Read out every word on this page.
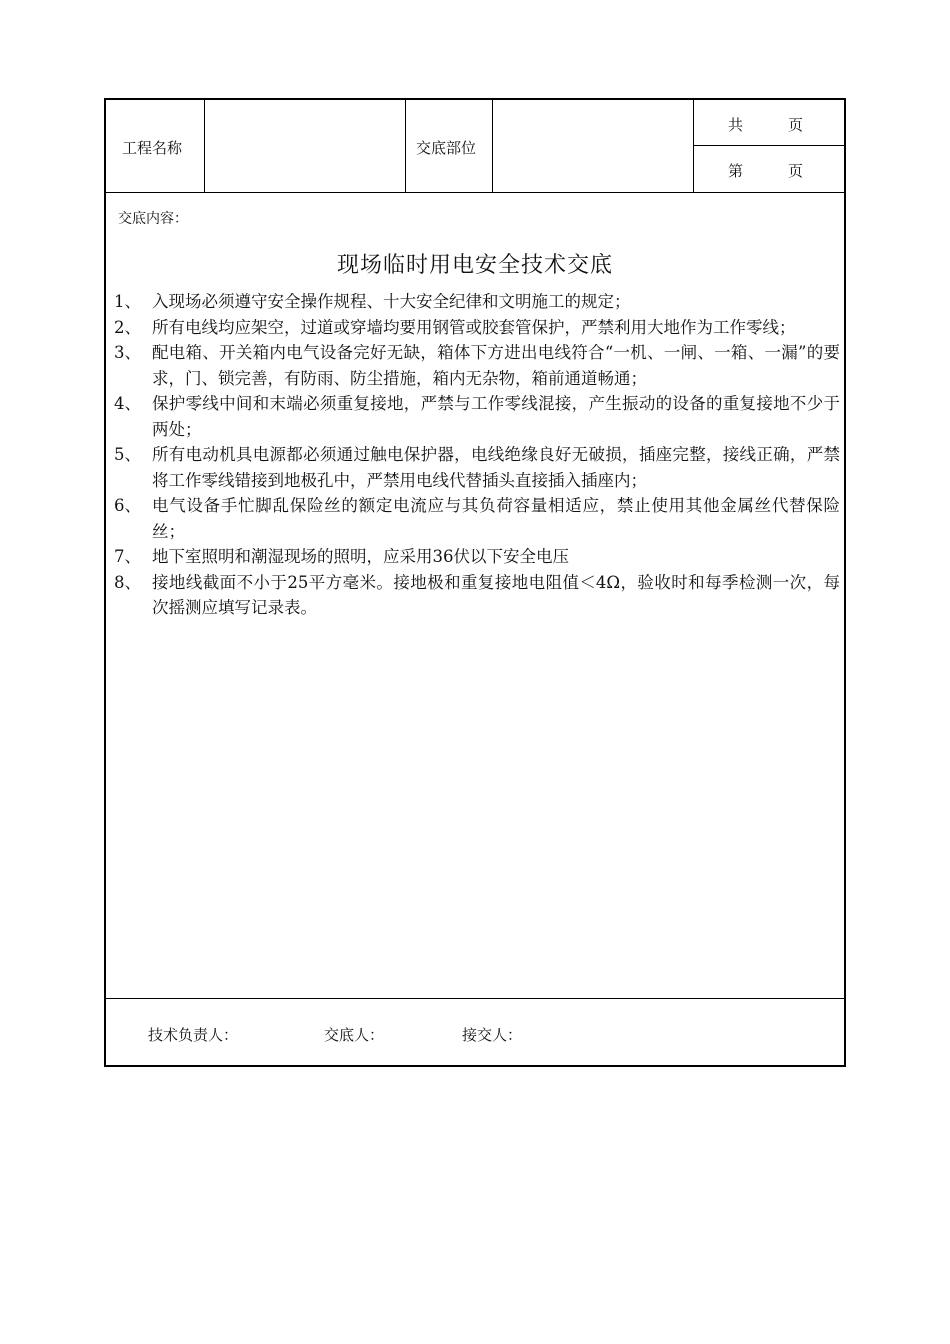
工程名称	交底部位
共　　　页
第　　　页
交底内容：
现场临时用电安全技术交底
1、 入现场必须遵守安全操作规程、十大安全纪律和文明施工的规定；
2、 所有电线均应架空，过道或穿墙均要用钢管或胶套管保护，严禁利用大地作为工作零线；
3、 配电箱、开关箱内电气设备完好无缺，箱体下方进出电线符合“一机、一闸、一箱、一漏”的要求，门、锁完善，有防雨、防尘措施，箱内无杂物，箱前通道畅通；
4、 保护零线中间和末端必须重复接地，严禁与工作零线混接，产生振动的设备的重复接地不少于两处；
5、 所有电动机具电源都必须通过触电保护器，电线绝缘良好无破损，插座完整，接线正确，严禁将工作零线错接到地极孔中，严禁用电线代替插头直接插入插座内；
6、 电气设备手忙脚乱保险丝的额定电流应与其负荷容量相适应，禁止使用其他金属丝代替保险丝；
7、 地下室照明和潮湿现场的照明，应采用36伏以下安全电压
8、 接地线截面不小于25平方毫米。接地极和重复接地电阻值＜4Ω，验收时和每季检测一次，每次摇测应填写记录表。
技术负责人：	交底人：	接交人：
